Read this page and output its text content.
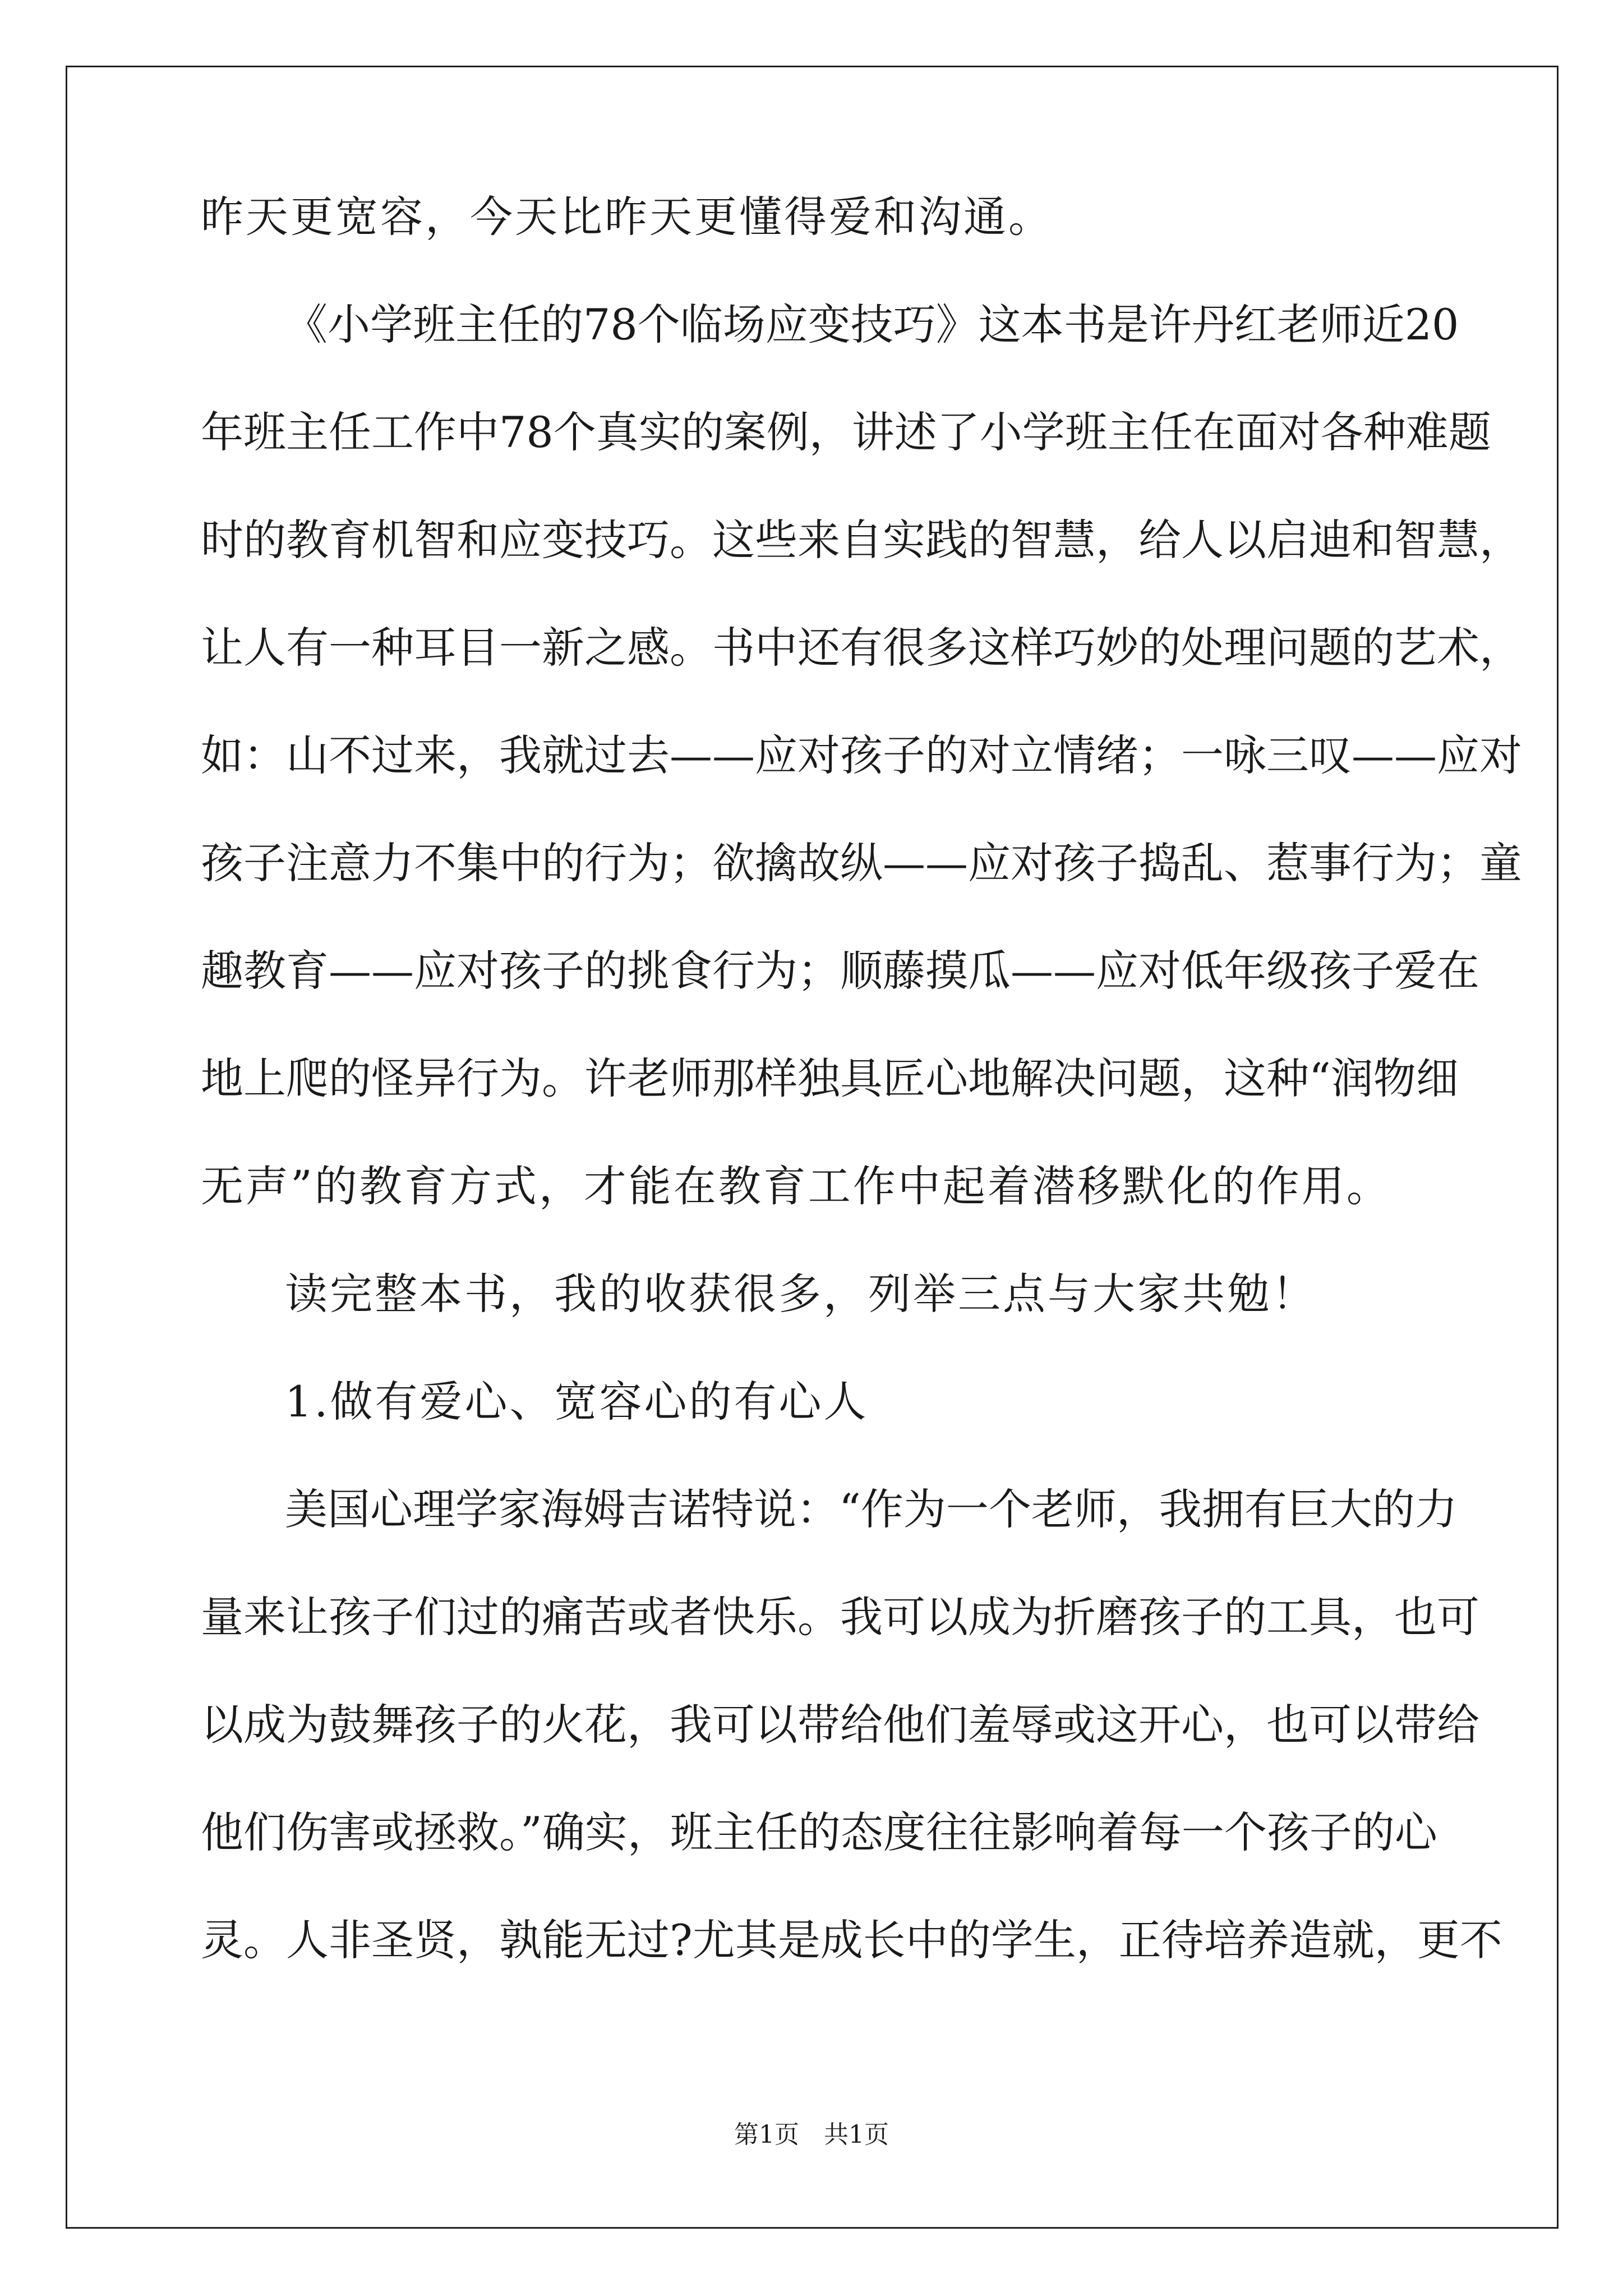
昨天更宽容，今天比昨天更懂得爱和沟通。
《小学班主任的78个临场应变技巧》这本书是许丹红老师近20
年班主任工作中78个真实的案例，讲述了小学班主任在面对各种难题
时的教育机智和应变技巧。这些来自实践的智慧，给人以启迪和智慧，
让人有一种耳目一新之感。书中还有很多这样巧妙的处理问题的艺术，
如：山不过来，我就过去——应对孩子的对立情绪；一咏三叹——应对
孩子注意力不集中的行为；欲擒故纵——应对孩子捣乱、惹事行为；童
趣教育——应对孩子的挑食行为；顺藤摸瓜——应对低年级孩子爱在
地上爬的怪异行为。许老师那样独具匠心地解决问题，这种“润物细
无声”的教育方式，才能在教育工作中起着潜移默化的作用。
读完整本书，我的收获很多，列举三点与大家共勉！
1.做有爱心、宽容心的有心人
美国心理学家海姆吉诺特说：“作为一个老师，我拥有巨大的力
量来让孩子们过的痛苦或者快乐。我可以成为折磨孩子的工具，也可
以成为鼓舞孩子的火花，我可以带给他们羞辱或这开心，也可以带给
他们伤害或拯救。”确实，班主任的态度往往影响着每一个孩子的心
灵。人非圣贤，孰能无过?尤其是成长中的学生，正待培养造就，更不
第1页　共1页
